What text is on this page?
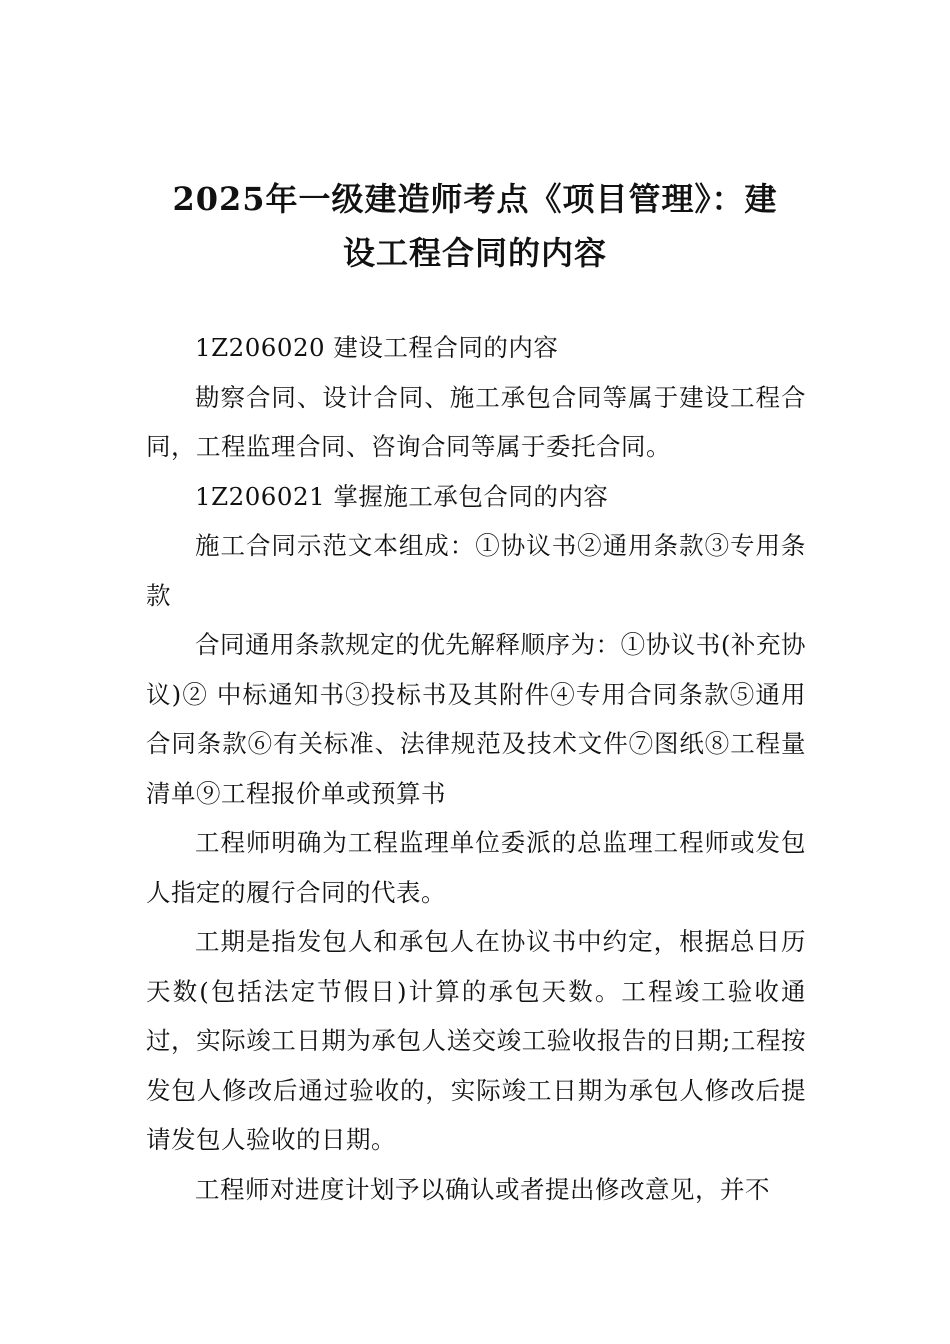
2025年一级建造师考点《项目管理》：建
设工程合同的内容

1Z206020 建设工程合同的内容

勘察合同、设计合同、施工承包合同等属于建设工程合同，工程监理合同、咨询合同等属于委托合同。

1Z206021 掌握施工承包合同的内容

施工合同示范文本组成：①协议书②通用条款③专用条款

合同通用条款规定的优先解释顺序为：①协议书(补充协议)② 中标通知书③投标书及其附件④专用合同条款⑤通用合同条款⑥有关标准、法律规范及技术文件⑦图纸⑧工程量清单⑨工程报价单或预算书

工程师明确为工程监理单位委派的总监理工程师或发包人指定的履行合同的代表。

工期是指发包人和承包人在协议书中约定，根据总日历天数(包括法定节假日)计算的承包天数。工程竣工验收通过，实际竣工日期为承包人送交竣工验收报告的日期;工程按发包人修改后通过验收的，实际竣工日期为承包人修改后提请发包人验收的日期。

工程师对进度计划予以确认或者提出修改意见，并不
